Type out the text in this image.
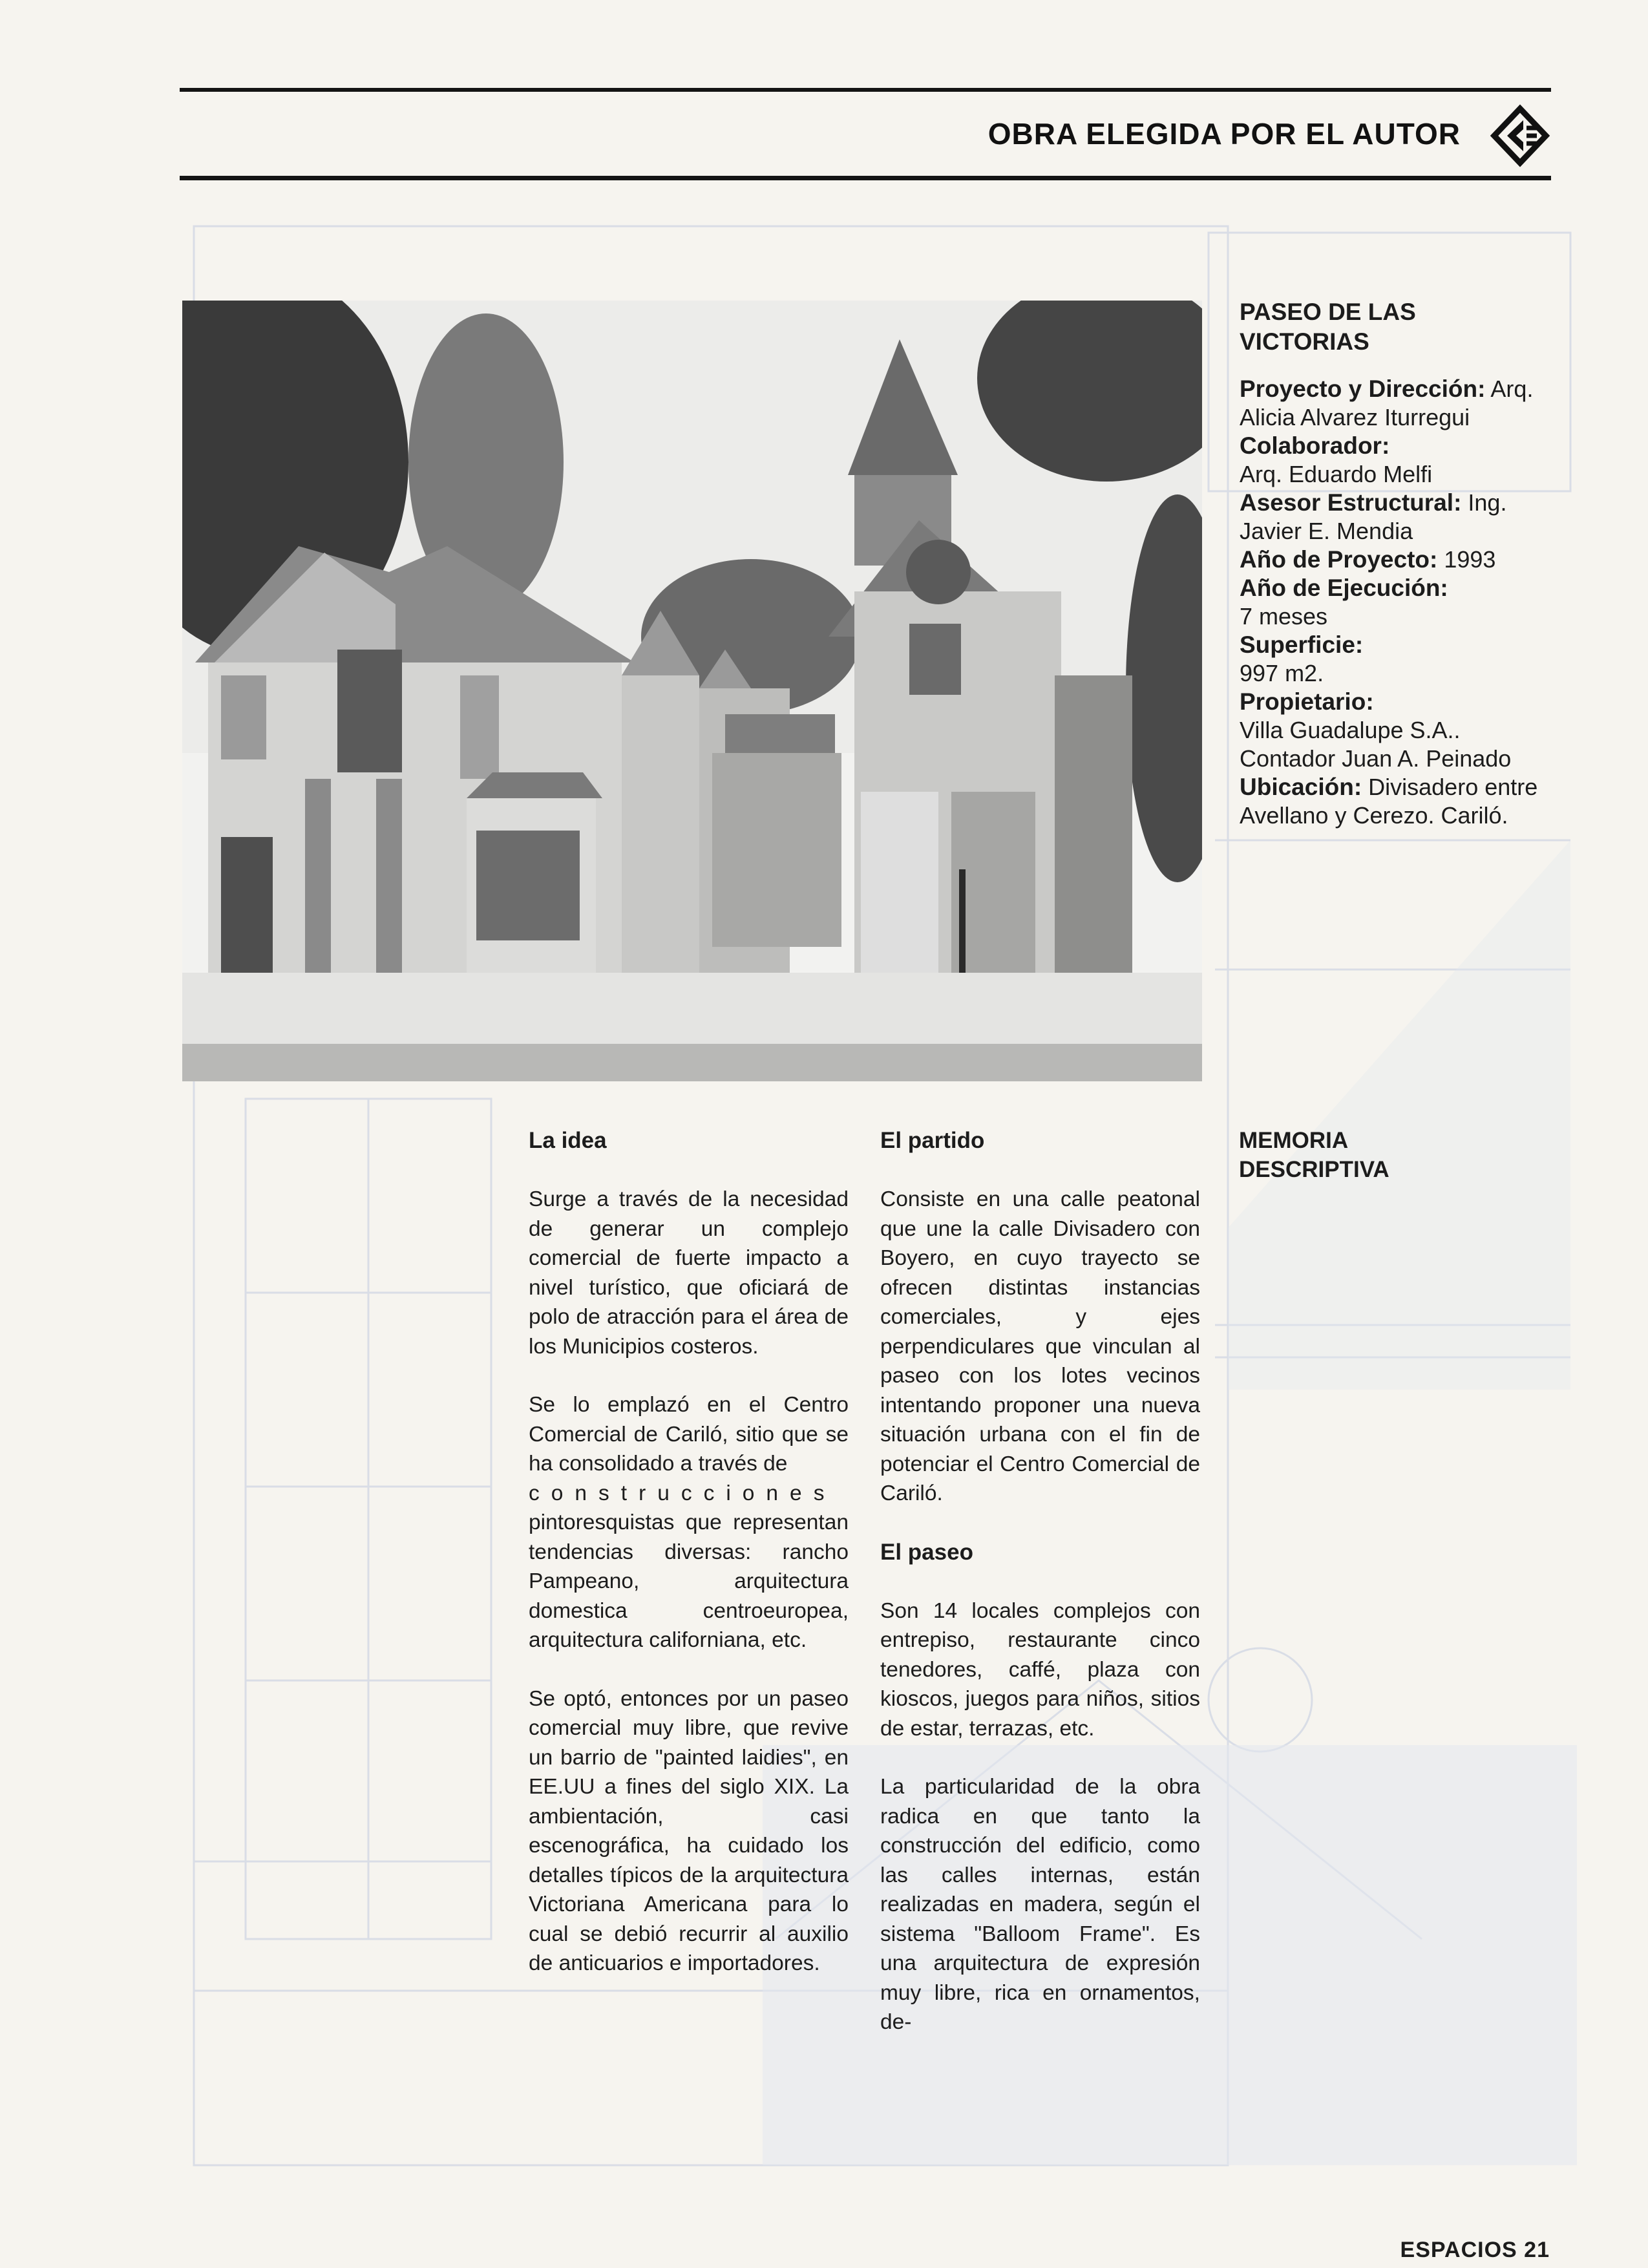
OBRA ELEGIDA POR EL AUTOR
PASEO DE LAS
VICTORIAS
Proyecto y Dirección: Arq.
Alicia Alvarez Iturregui
Colaborador:
Arq. Eduardo Melfi
Asesor Estructural: Ing.
Javier E. Mendia
Año de Proyecto: 1993
Año de Ejecución:
7 meses
Superficie:
997 m2.
Propietario:
Villa Guadalupe S.A..
Contador Juan A. Peinado
Ubicación: Divisadero entre
Avellano y Cerezo. Cariló.
La idea

Surge a través de la necesidad de generar un complejo comercial de fuerte impacto a nivel turístico, que oficiará de polo de atracción para el área de los Municipios costeros.

Se lo emplazó en el Centro Comercial de Cariló, sitio que se ha consolidado a través de
construcciones
pintoresquistas que representan tendencias diversas: rancho Pampeano, arquitectura domestica centroeuropea, arquitectura californiana, etc.

Se optó, entonces por un paseo comercial muy libre, que revive un barrio de "painted laidies", en EE.UU a fines del siglo XIX. La ambientación, casi escenográfica, ha cuidado los detalles típicos de la arquitectura Victoriana Americana para lo cual se debió recurrir al auxilio de anticuarios e importadores.

El partido

Consiste en una calle peatonal que une la calle Divisadero con Boyero, en cuyo trayecto se ofrecen distintas instancias comerciales, y ejes perpendiculares que vinculan al paseo con los lotes vecinos intentando proponer una nueva situación urbana con el fin de potenciar el Centro Comercial de Cariló.

El paseo

Son 14 locales complejos con entrepiso, restaurante cinco tenedores, caffé, plaza con kioscos, juegos para niños, sitios de estar, terrazas, etc.

La particularidad de la obra radica en que tanto la construcción del edificio, como las calles internas, están realizadas en madera, según el sistema "Balloom Frame". Es una arquitectura de expresión muy libre, rica en ornamentos, de-

MEMORIA
DESCRIPTIVA
ESPACIOS 21
